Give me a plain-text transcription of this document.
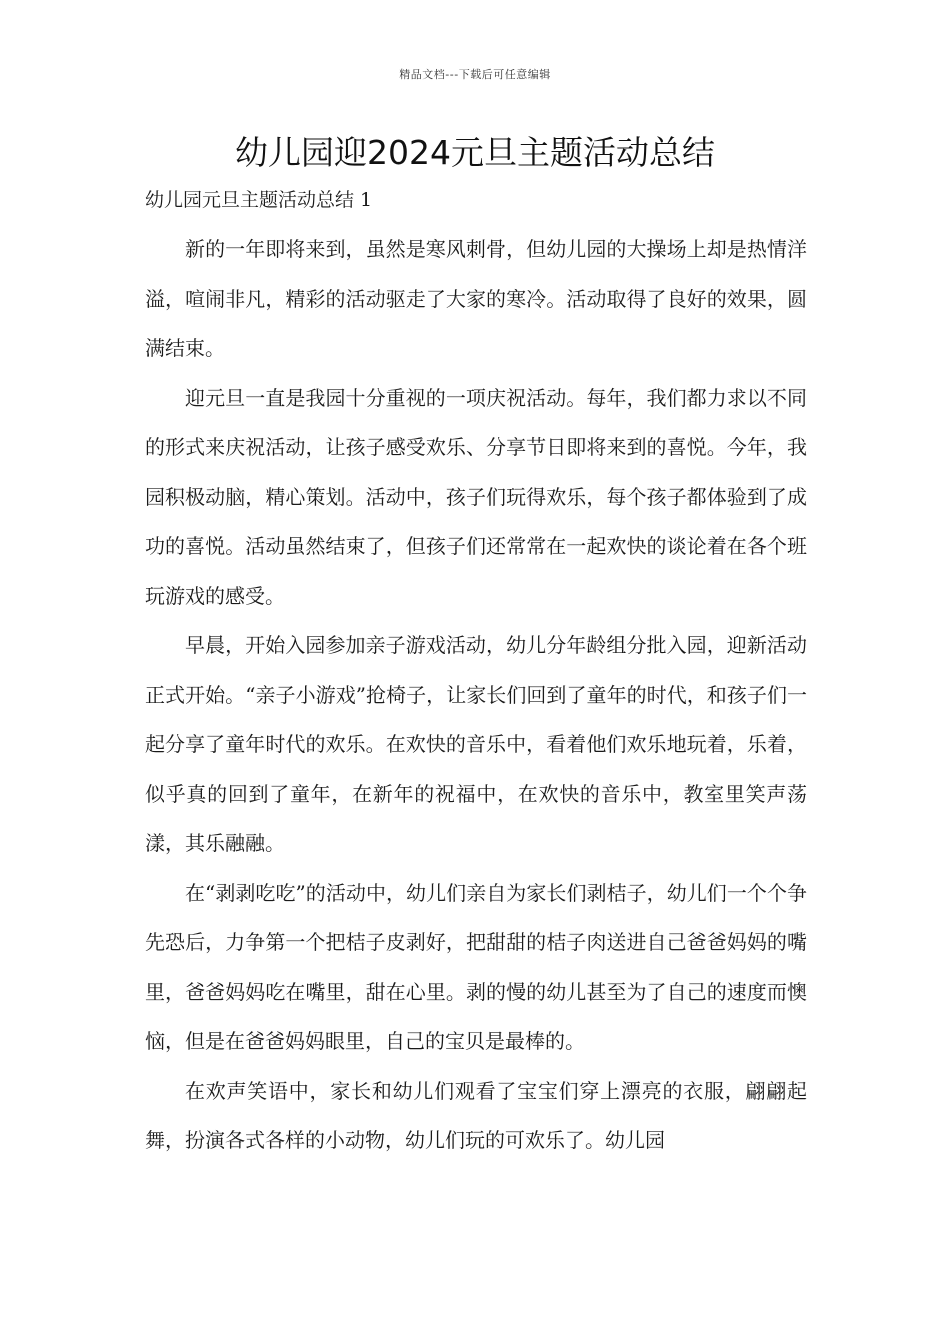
精品文档---下载后可任意编辑
幼儿园迎2024元旦主题活动总结
幼儿园元旦主题活动总结 1

新的一年即将来到，虽然是寒风刺骨，但幼儿园的大操场上却是热情洋溢，喧闹非凡，精彩的活动驱走了大家的寒冷。活动取得了良好的效果，圆满结束。

迎元旦一直是我园十分重视的一项庆祝活动。每年，我们都力求以不同的形式来庆祝活动，让孩子感受欢乐、分享节日即将来到的喜悦。今年，我园积极动脑，精心策划。活动中，孩子们玩得欢乐，每个孩子都体验到了成功的喜悦。活动虽然结束了，但孩子们还常常在一起欢快的谈论着在各个班玩游戏的感受。

早晨，开始入园参加亲子游戏活动，幼儿分年龄组分批入园，迎新活动正式开始。“亲子小游戏”抢椅子，让家长们回到了童年的时代，和孩子们一起分享了童年时代的欢乐。在欢快的音乐中，看着他们欢乐地玩着，乐着，似乎真的回到了童年，在新年的祝福中，在欢快的音乐中，教室里笑声荡漾，其乐融融。

在“剥剥吃吃”的活动中，幼儿们亲自为家长们剥桔子，幼儿们一个个争先恐后，力争第一个把桔子皮剥好，把甜甜的桔子肉送进自己爸爸妈妈的嘴里，爸爸妈妈吃在嘴里，甜在心里。剥的慢的幼儿甚至为了自己的速度而懊恼，但是在爸爸妈妈眼里，自己的宝贝是最棒的。

在欢声笑语中，家长和幼儿们观看了宝宝们穿上漂亮的衣服，翩翩起舞，扮演各式各样的小动物，幼儿们玩的可欢乐了。幼儿园
